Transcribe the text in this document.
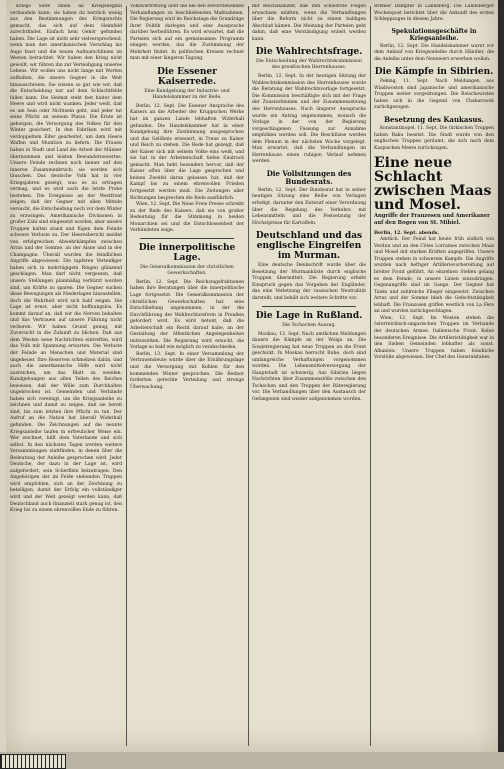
Kriegs Seite ihnen an Kriegsbeginn verhandeln kann; sie haben da herzlich wenig aus den Bestimmungen des Kriegsrechts gemacht, das sich auf dem Heimfeld zurechtfindet. Einfach kein Gehör gefunden haben. Die Lage ist nicht sehr vielversprechend, wenn man den amerikanischen Vorschlag ins Auge fasst und die neuen Aufmarschlinien im Westen betrachtet. Wir haben den Krieg nicht gewollt, wir führen ihn zur Verteidigung unseres Lebens. Wir wollen uns nicht lange mit Worten aufhalten, die unsere Gegner in die Welt hinausschreien. Sie wissen so gut wie wir, daß die Entscheidung nur auf dem Schlachtfelde fallen kann. Die Heimat steht fest hinter dem Heere und wird nicht wanken. Jeder weiß, daß es um Sein oder Nichtsein geht, und jeder tut seine Pflicht an seinem Platze. Die Ernte ist geborgen, die Versorgung des Volkes für den Winter gesichert. In den Fabriken wird mit verdoppeltem Eifer gearbeitet, um dem Heere Waffen und Munition zu liefern. Die Frauen haben in Stadt und Land die Arbeit der Männer übernommen und leisten Bewundernswertes. Unsere Feinde rechnen noch immer auf den inneren Zusammenbruch; sie werden sich täuschen. Das deutsche Volk hat in vier Kriegsjahren gezeigt, was es zu ertragen vermag, und es wird auch die letzte Probe bestehen. Die Ereignisse an der Westfront zeigen, daß der Gegner mit allen Mitteln versucht, die Entscheidung noch vor dem Winter zu erzwingen. Amerikanische Divisionen in großer Zahl sind eingesetzt worden, aber unsere Truppen halten stand und fügen dem Feinde schwere Verluste zu. Der Heeresbericht meldet von erfolgreichen Abwehrkämpfen zwischen Arras und der Somme, an der Aisne und in der Champagne. Überall wurden die feindlichen Angriffe abgewiesen. Die tapferen Verteidiger haben sich in mehrtägigem Ringen glänzend geschlagen. Man darf nicht vergessen, daß unsere Stellungen planmäßig verkürzt worden sind, um Kräfte zu sparen. Die Gegner suchen diese Bewegungen als Niederlagen hinzustellen, doch die Wahrheit wird sich bald zeigen. Die Lage ist ernst, aber nicht hoffnungslos. Es kommt darauf an, daß wir die Nerven behalten und das Vertrauen auf unsere Führung nicht verlieren. Wir haben Grund genug, mit Zuversicht in die Zukunft zu blicken. Daß aus dem Westen neue Nachrichten eintreffen, wird das Volk mit Spannung erwarten. Die Verluste der Feinde an Menschen und Material sind ungeheuer. Ihre Reserven schmelzen dahin, und auch die amerikanische Hilfe wird nicht ausreichen, um das Blatt zu wenden. Kundgebungen aus allen Teilen des Reiches beweisen, daß der Wille zum Durchhalten ungebrochen ist. Gemeinden und Verbände haben sich vereinigt, um die Kriegsanleihe zu zeichnen und damit zu zeigen, daß sie bereit sind, bis zum letzten ihre Pflicht zu tun. Der Aufruf an die Nation hat überall Widerhall gefunden. Die Zeichnungen auf die neunte Kriegsanleihe laufen in erfreulicher Weise ein. Wer zeichnet, hilft dem Vaterlande und sich selbst. In den nächsten Tagen werden weitere Versammlungen stattfinden, in denen über die Bedeutung der Anleihe gesprochen wird. Jeder Deutsche, der dazu in der Lage ist, wird aufgefordert, sein Scherflein beizutragen. Den Angehörigen der im Felde stehenden Truppen wird empfohlen, sich an der Zeichnung zu beteiligen, damit der Erfolg ein vollständiger wird und der Welt gezeigt werden kann, daß Deutschland auch finanziell stark genug ist, den Krieg bis zu einem ehrenvollen Ende zu führen.

Volksvertretung über die bei den bevorstehenden Verhandlungen zu beschließenden Maßnahmen. Die Regierung wird im Reichstage die Grundzüge ihrer Politik darlegen und eine Aussprache darüber herbeiführen. Es wird erwartet, daß die Parteien sich auf ein gemeinsames Programm einigen werden, das die Zustimmung der Mehrheit findet. In politischen Kreisen rechnet man mit einer längeren Tagung.

Die Essener Kaiserrede.
Eine Kundgebung der Industrie- und Handelskammer zu der Rede.

Berlin, 12. Sept. Die Essener Ansprache des Kaisers an die Arbeiter der Kruppschen Werke hat im ganzen Lande lebhaften Widerhall gefunden. Die Handelskammer hat in einer Kundgebung ihre Zustimmung ausgesprochen und das Gelöbnis erneuert, in Treue zu Kaiser und Reich zu stehen. Die Rede hat gezeigt, daß der Kaiser sich mit seinem Volke eins weiß, und sie hat in der Arbeiterschaft tiefen Eindruck gemacht. Man hebt besonders hervor, daß der Kaiser offen über die Lage gesprochen und keinen Zweifel daran gelassen hat, daß der Kampf bis zu einem ehrenvollen Frieden fortgesetzt werden muß. Die Zeitungen aller Richtungen besprechen die Rede ausführlich.

Wien, 12. Sept. Die Neue Freie Presse schreibt zu der Rede des Kaisers, daß sie von großer Bedeutung für die Stimmung in beiden Monarchien sei und die Entschlossenheit der Verbündeten zeige.

Die innerpolitische Lage.
Die Generalkommission der christlichen Gewerkschaften.

Berlin, 12. Sept. Die Reichstagsfraktionen haben ihre Beratungen über die innerpolitische Lage fortgesetzt. Die Generalkommission der christlichen Gewerkschaften hat eine Entschließung angenommen, in der die Durchführung der Wahlrechtsreform in Preußen gefordert wird. Es wird betont, daß die Arbeiterschaft ein Recht darauf habe, an der Gestaltung der öffentlichen Angelegenheiten mitzuwirken. Die Regierung wird ersucht, die Vorlage so bald wie möglich zu verabschieden.

Berlin, 13. Sept. In einer Versammlung der Vertrauensleute wurde über die Ernährungslage und die Versorgung mit Kohlen für den kommenden Winter gesprochen. Die Redner forderten gerechte Verteilung und strenge Überwachung.

mit Reichskanzler, daß ihm schwerste Folgen erwachsen müßten, wenn die Verhandlungen über die Reform nicht zu einem baldigen Abschluß kämen. Die Meinung der Parteien geht dahin, daß eine Verständigung erzielt werden kann.

Die Wahlrechtsfrage.
Die Entscheidung der Wahlrechtskommission des preußischen Herrenhauses.

Berlin, 12. Sept. In der heutigen Sitzung der Wahlrechtskommission des Herrenhauses wurde die Beratung der Wahlrechtsvorlage fortgesetzt. Die Kommission beschäftigte sich mit der Frage der Zusatzstimmen und der Zusammensetzung des Herrenhauses. Nach längerer Aussprache wurde ein Antrag angenommen, wonach die Vorlage in der von der Regierung vorgeschlagenen Fassung zur Annahme empfohlen werden soll. Die Beschlüsse werden dem Plenum in der nächsten Woche vorgelegt. Man erwartet, daß die Verhandlungen im Herrenhause einen ruhigen Verlauf nehmen werden.

Die Vollsitzungen des Bundesrats.

Berlin, 12. Sept. Der Bundesrat hat in seiner heutigen Sitzung eine Reihe von Vorlagen erledigt, darunter den Entwurf einer Verordnung über die Regelung des Verkehrs mit Lebensmitteln und die Festsetzung der Höchstpreise für Kartoffeln.

Deutschland und das englische Eingreifen im Murman.

Eine deutsche Denkschrift wurde über die Besetzung der Murmanküste durch englische Truppen übermittelt. Die Regierung erhebt Einspruch gegen das Vorgehen der Engländer, das eine Verletzung der russischen Neutralität darstellt, und behält sich weitere Schritte vor.

Die Lage in Rußland.
Die Tschechen Auszug.

Moskau, 12. Sept. Nach amtlichen Meldungen dauern die Kämpfe an der Wolga an. Die Sowjetregierung hat neue Truppen an die Front geschickt. In Moskau herrscht Ruhe, doch sind umfangreiche Verhaftungen vorgenommen worden. Die Lebensmittelversorgung der Hauptstadt ist schwierig. Aus Sibirien liegen Nachrichten über Zusammenstöße zwischen den Tschechen und den Truppen der Räteregierung vor. Die Verhandlungen über den Austausch der Gefangenen sind wieder aufgenommen worden.

Bremer Dampfer in Landsberg. Die Landsberger Wochenpost berichtet über die Ankunft des ersten Schleppzuges in diesem Jahre.

Spekulationsgeschäfte in Kriegsanleihe.

Berlin, 12. Sept. Die Handelskammer warnt vor dem Ankauf von Kriegsanleihe durch Händler, die die Anleihe unter dem Nennwert erwerben wollen.

Die Kämpfe in Sibirien.

Peking, 11. Sept. Nach Meldungen aus Wladiwostok sind japanische und amerikanische Truppen weiter vorgedrungen. Die Bolschewisten haben sich in die Gegend von Chabarowsk zurückgezogen.

Besetzung des Kaukasus.

Konstantinopel, 11. Sept. Die türkischen Truppen haben Baku besetzt. Die Stadt wurde von den englischen Truppen geräumt, die sich nach dem Kaspischen Meere zurückzogen.

Eine neue Schlacht zwischen Maas und Mosel.
Angriffe der Franzosen und Amerikaner auf den Bogen von St. Mihiel.

Berlin, 12. Sept. abends.

Amtlich. Der Feind hat heute früh südlich von Verdun und an den Côtes Lorraines zwischen Maas und Mosel mit starken Kräften angegriffen. Unsere Truppen stehen in schwerem Kampfe. Die Angriffe wurden nach heftiger Artillerievorbereitung auf breiter Front geführt. An einzelnen Stellen gelang es dem Feinde, in unsere Linien einzudringen. Gegenangriffe sind im Gange. Der Gegner hat Tanks und zahlreiche Flieger eingesetzt. Zwischen Arras und der Somme blieb die Gefechtstätigkeit lebhaft. Die Franzosen griffen westlich von La Fère an und wurden zurückgeschlagen.

Wien, 12. Sept. Im Westen stehen die österreichisch-ungarischen Truppen im Verbande der deutschen Armee. Italienische Front: Keine besonderen Ereignisse. Die Artillerietätigkeit war in den Sieben Gemeinden lebhafter als sonst. Albanien: Unsere Truppen haben feindliche Vorstöße abgewiesen. Der Chef des Generalstabes.
